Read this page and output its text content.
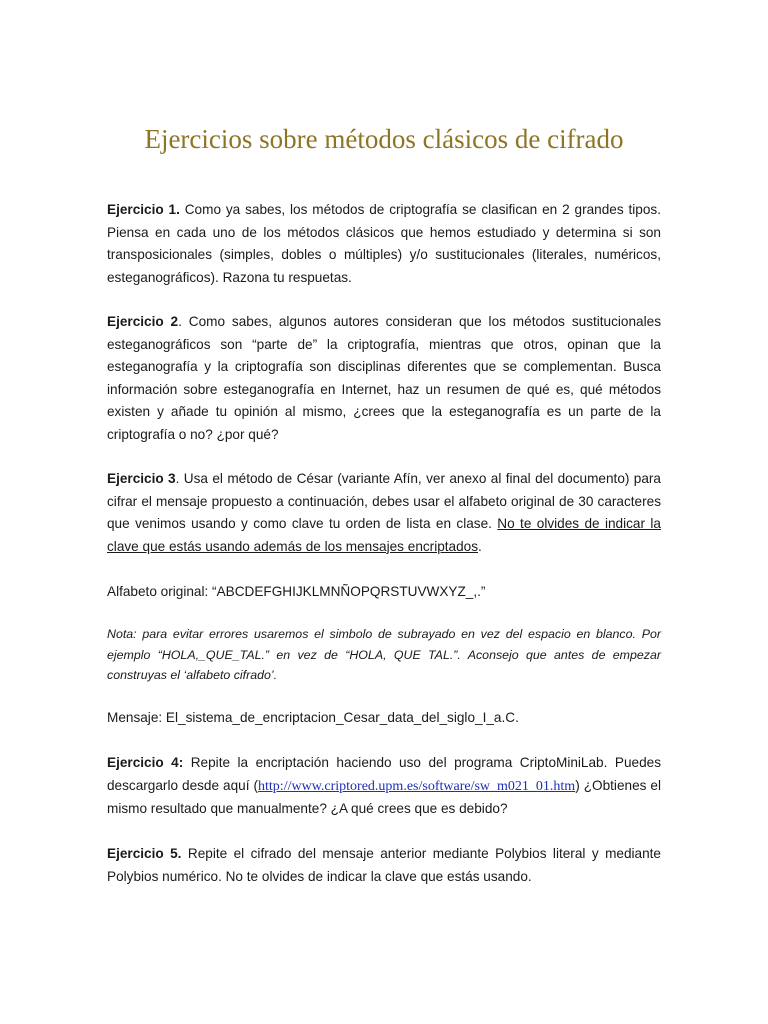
Ejercicios sobre métodos clásicos de cifrado

Ejercicio 1. Como ya sabes, los métodos de criptografía se clasifican en 2 grandes tipos. Piensa en cada uno de los métodos clásicos que hemos estudiado y determina si son transposicionales (simples, dobles o múltiples) y/o sustitucionales (literales, numéricos, esteganográficos). Razona tu respuetas.

Ejercicio 2. Como sabes, algunos autores consideran que los métodos sustitucionales esteganográficos son “parte de” la criptografía, mientras que otros, opinan que la esteganografía y la criptografía son disciplinas diferentes que se complementan. Busca información sobre esteganografía en Internet, haz un resumen de qué es, qué métodos existen y añade tu opinión al mismo, ¿crees que la esteganografía es un parte de la criptografía o no? ¿por qué?

Ejercicio 3. Usa el método de César (variante Afín, ver anexo al final del documento) para cifrar el mensaje propuesto a continuación, debes usar el alfabeto original de 30 caracteres que venimos usando y como clave tu orden de lista en clase. No te olvides de indicar la clave que estás usando además de los mensajes encriptados.

Alfabeto original: “ABCDEFGHIJKLMNÑOPQRSTUVWXYZ_,.”

Nota: para evitar errores usaremos el simbolo de subrayado en vez del espacio en blanco. Por ejemplo “HOLA,_QUE_TAL.” en vez de “HOLA, QUE TAL.”. Aconsejo que antes de empezar construyas el ‘alfabeto cifrado’.

Mensaje: El_sistema_de_encriptacion_Cesar_data_del_siglo_I_a.C.

Ejercicio 4: Repite la encriptación haciendo uso del programa CriptoMiniLab. Puedes descargarlo desde aquí (http://www.criptored.upm.es/software/sw_m021_01.htm) ¿Obtienes el mismo resultado que manualmente? ¿A qué crees que es debido?

Ejercicio 5. Repite el cifrado del mensaje anterior mediante Polybios literal y mediante Polybios numérico. No te olvides de indicar la clave que estás usando.
